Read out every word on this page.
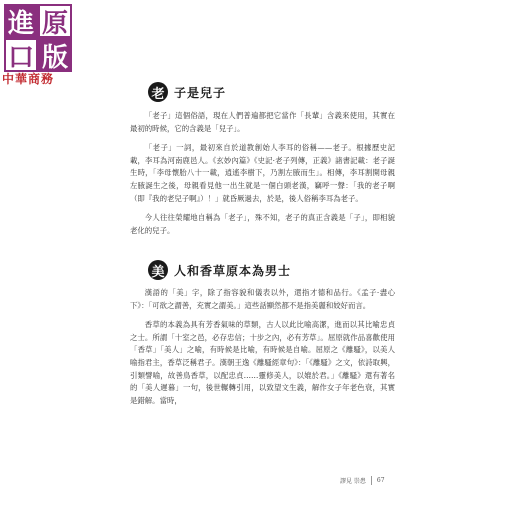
進 原
口 版
中華商務
老 子是兒子

「老子」這個俗語，現在人們普遍都把它當作「長輩」含義來使用，其實在最初的時候，它的含義是「兒子」。

「老子」一詞，最初來自於道教創始人李耳的俗稱——老子。根據歷史記載，李耳為河南鹿邑人。《玄妙內篇》《史記·老子列傳，正義》諸書記載：老子誕生時，「李母懷胎八十一載，逍遙李樹下，乃割左腋而生」。相傳，李耳割開母親左腋誕生之後，母親看見他一出生就是一個白頭老漢，竊呼一聲：「我的老子啊（即『我的老兒子啊』）！」就昏厥過去，於是，後人俗稱李耳為老子。

今人往往榮耀地自稱為「老子」，殊不知，老子的真正含義是「子」，即相貌老化的兒子。

美 人和香草原本為男士

漢語的「美」字，除了指容貌和儀表以外，還指才德和品行。《孟子·盡心下》：「可欲之謂善，充實之謂美。」這些話顯然都不是指美麗和姣好而言。

香草的本義為具有芳香氣味的草類，古人以此比喻高潔，進而以其比喻忠貞之士。所謂「十室之邑，必存忠信；十步之內，必有芳草」。屈原就作品喜歡使用「香草」「美人」之喻，有時候是比喻，有時候是自喻。屈原之《離騷》，以美人喻指君主，香草泛稱君子。漢朝王逸《離騷經章句》：「《離騷》之文，依詩取興，引類譬喻，故善鳥香草，以配忠貞……靈修美人，以媲於君。」《離騷》還有著名的「美人遲暮」一句，後世輾轉引用，以致望文生義，解作女子年老色衰，其實是錯解。當時，

謬見 崇患 67
